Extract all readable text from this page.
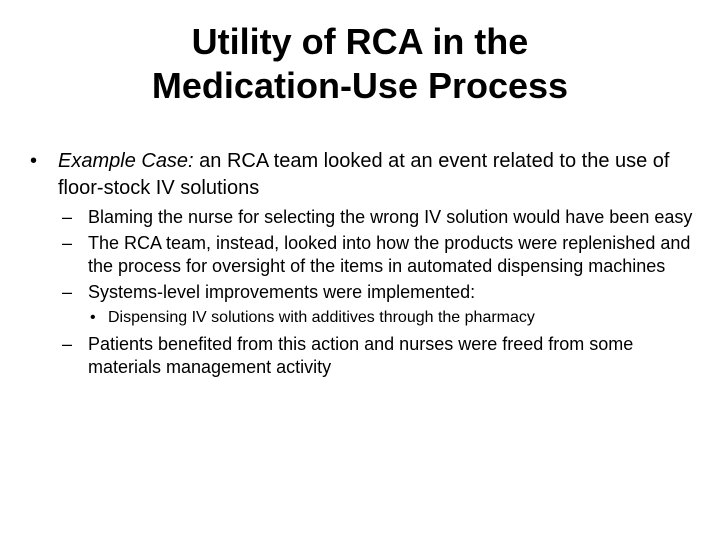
Utility of RCA in the
Medication-Use Process
• Example Case: an RCA team looked at an event related to the use of floor-stock IV solutions
– Blaming the nurse for selecting the wrong IV solution would have been easy
– The RCA team, instead, looked into how the products were replenished and the process for oversight of the items in automated dispensing machines
– Systems-level improvements were implemented:
• Dispensing IV solutions with additives through the pharmacy
– Patients benefited from this action and nurses were freed from some materials management activity
